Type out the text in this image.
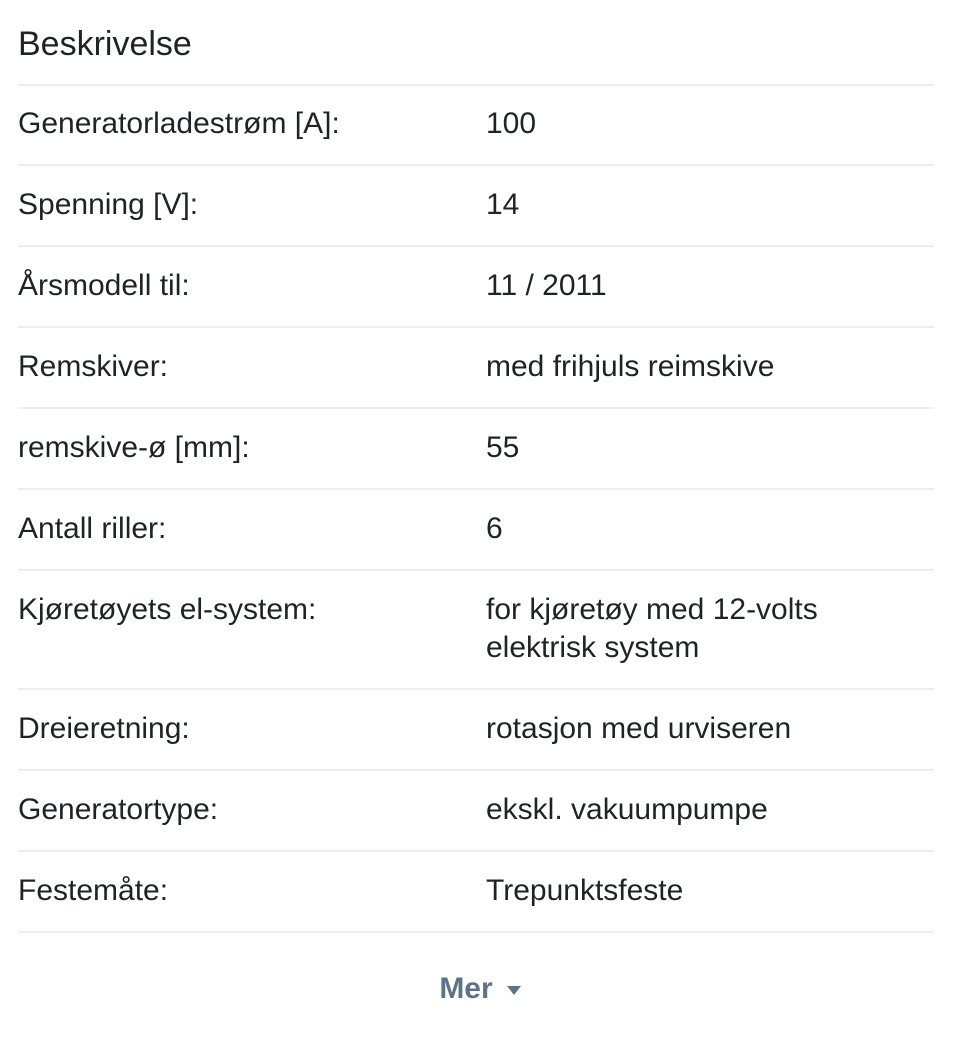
Beskrivelse
Generatorladestrøm [A]:	100
Spenning [V]:	14
Årsmodell til:	11 / 2011
Remskiver:	med frihjuls reimskive
remskive-ø [mm]:	55
Antall riller:	6
Kjøretøyets el-system:	for kjøretøy med 12-volts elektrisk system
Dreieretning:	rotasjon med urviseren
Generatortype:	ekskl. vakuumpumpe
Festemåte:	Trepunktsfeste
Mer
